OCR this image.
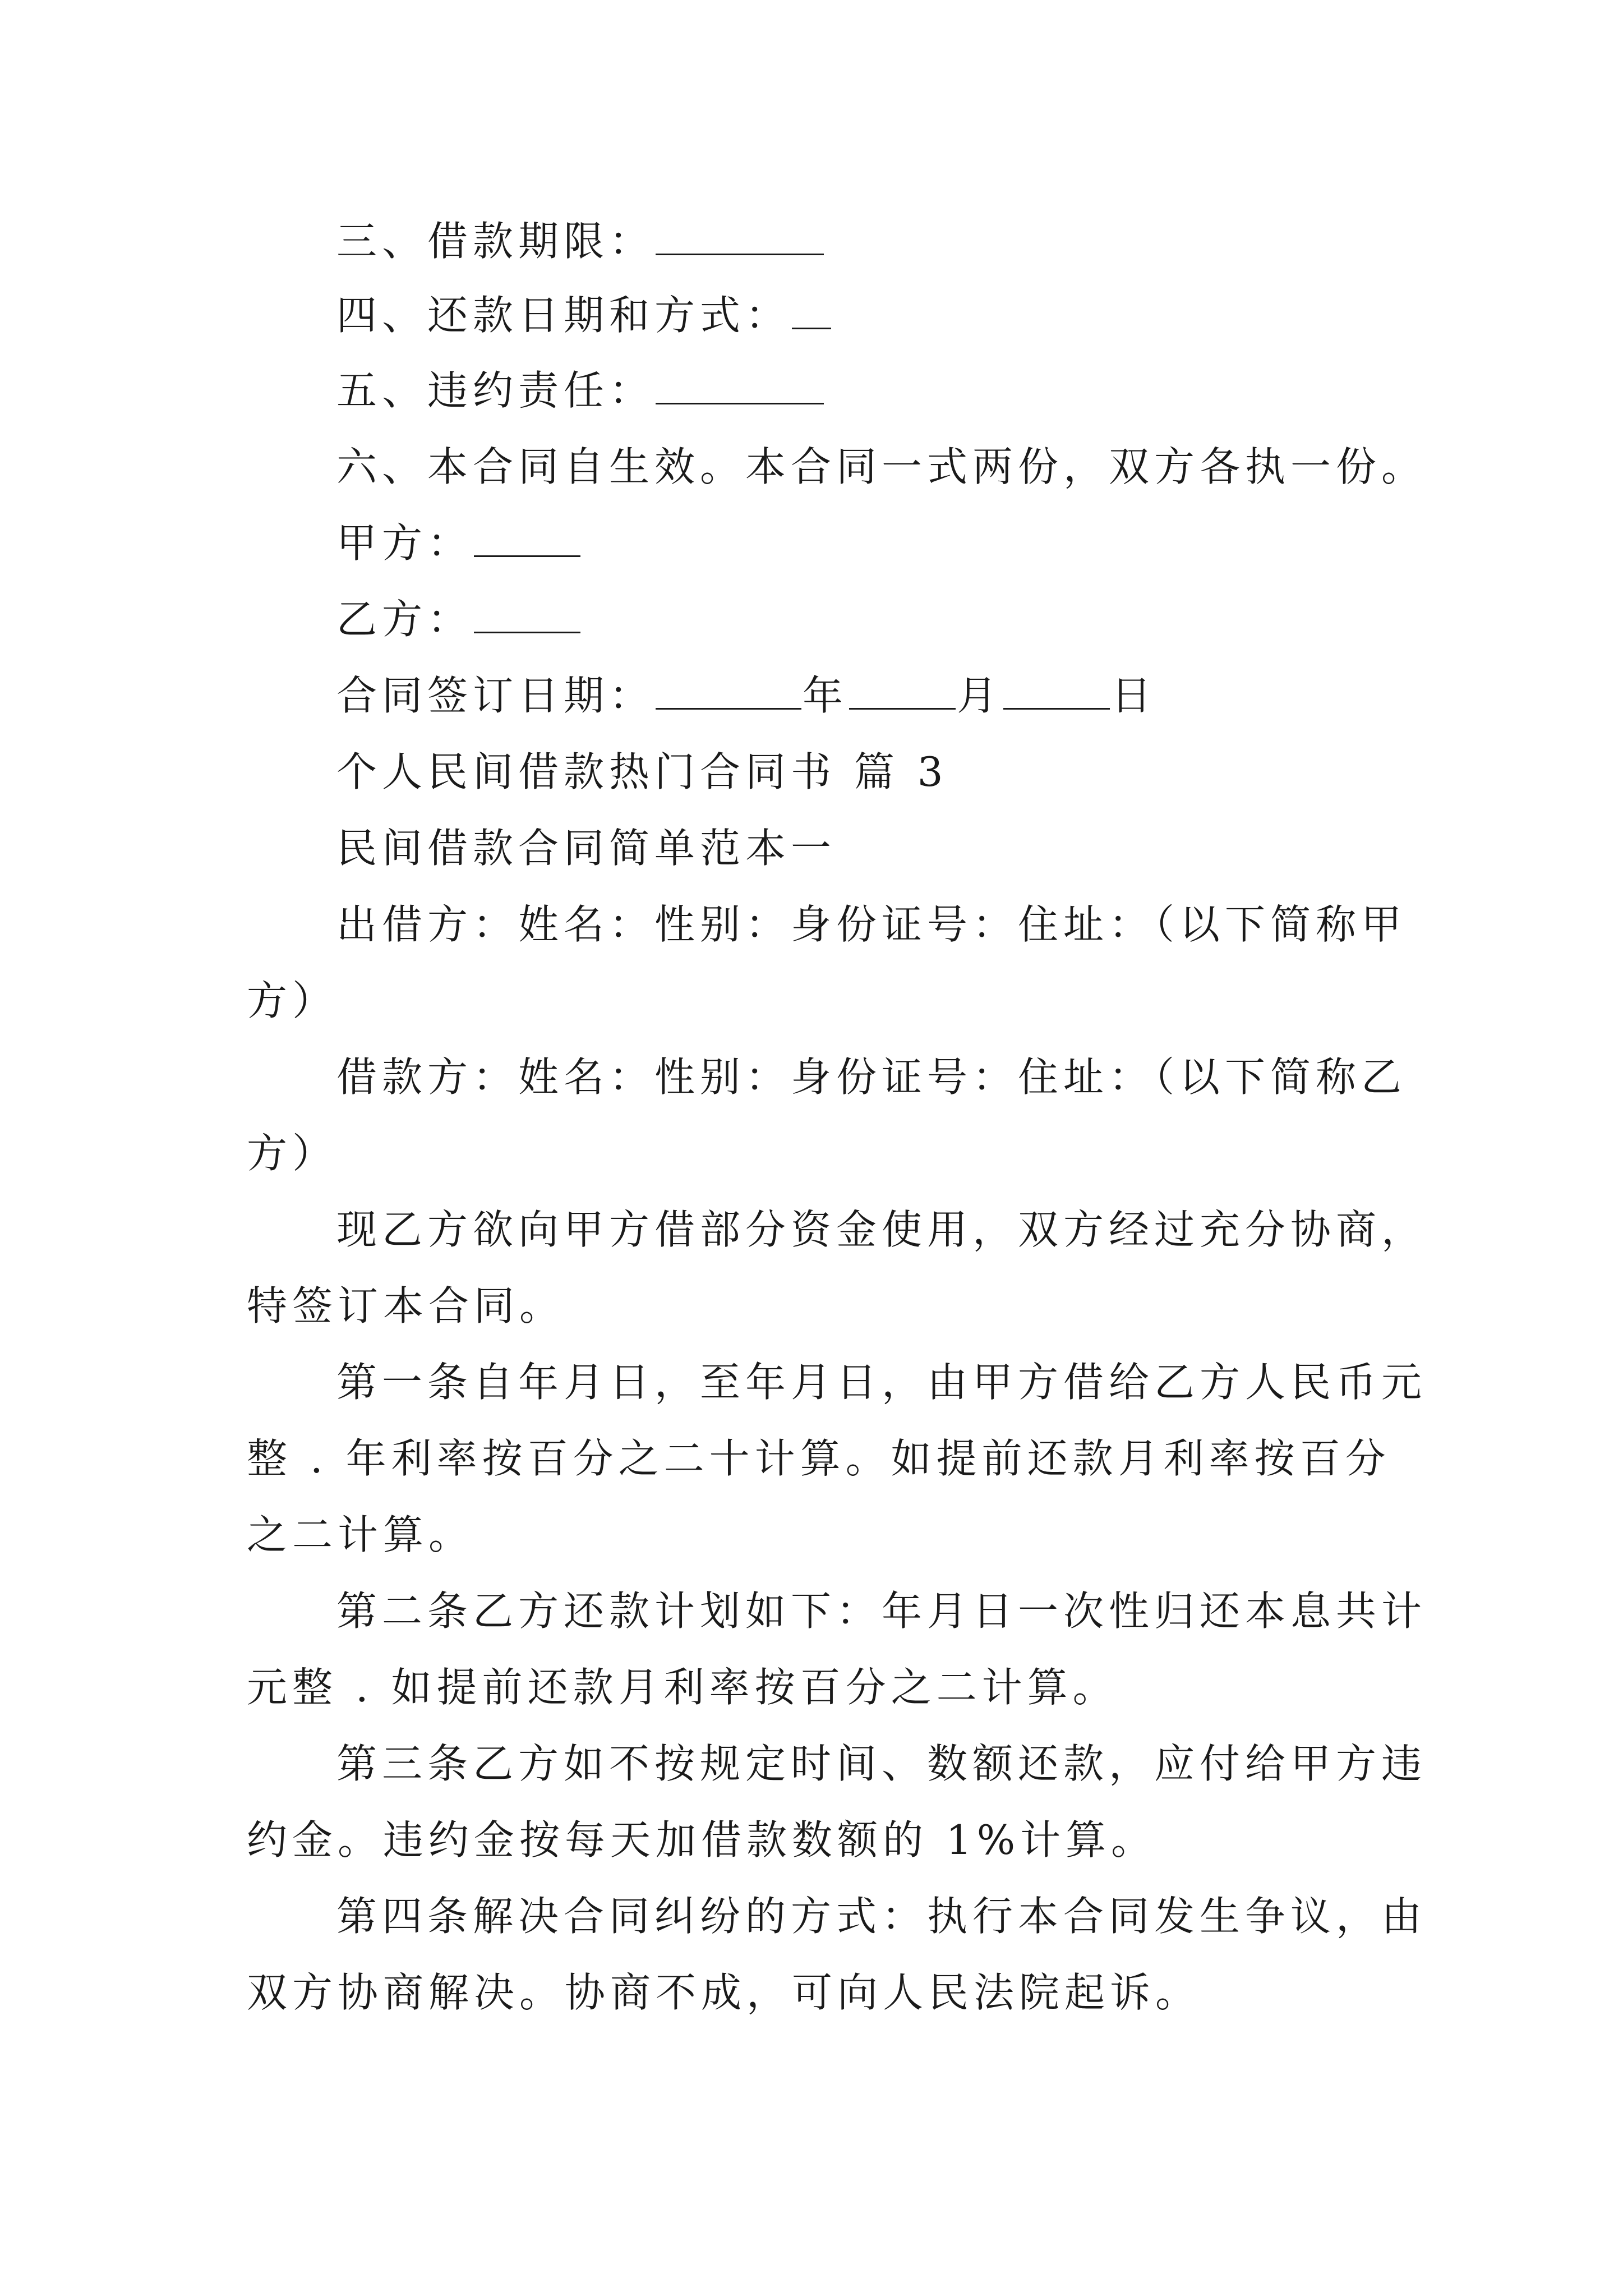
三、借款期限：
四、还款日期和方式：
五、违约责任：
六、本合同自生效。本合同一式两份，双方各执一份。
甲方：
乙方：
合同签订日期：	年	月	日
个人民间借款热门合同书 篇 3
民间借款合同简单范本一
出借方：姓名：性别：身份证号：住址：（以下简称甲
方）
借款方：姓名：性别：身份证号：住址：（以下简称乙
方）
现乙方欲向甲方借部分资金使用，双方经过充分协商，
特签订本合同。
第一条自年月日，至年月日，由甲方借给乙方人民币元
整 . 年利率按百分之二十计算。如提前还款月利率按百分
之二计算。
第二条乙方还款计划如下：年月日一次性归还本息共计
元整 . 如提前还款月利率按百分之二计算。
第三条乙方如不按规定时间、数额还款，应付给甲方违
约金。违约金按每天加借款数额的 1%计算。
第四条解决合同纠纷的方式：执行本合同发生争议，由
双方协商解决。协商不成，可向人民法院起诉。
